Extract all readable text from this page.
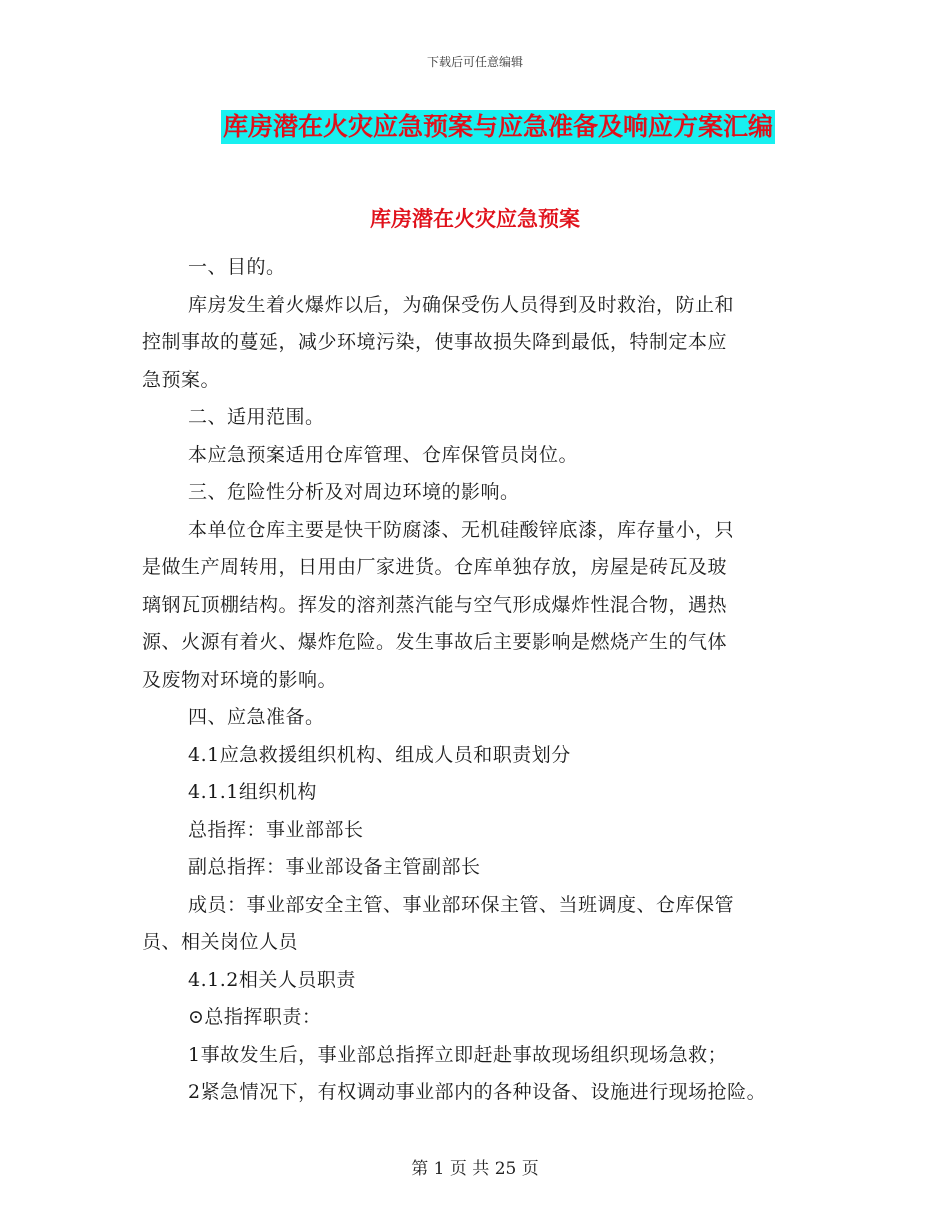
下载后可任意编辑
库房潜在火灾应急预案与应急准备及响应方案汇编
库房潜在火灾应急预案

一、目的。

库房发生着火爆炸以后，为确保受伤人员得到及时救治，防止和
控制事故的蔓延，减少环境污染，使事故损失降到最低，特制定本应
急预案。

二、适用范围。

本应急预案适用仓库管理、仓库保管员岗位。

三、危险性分析及对周边环境的影响。

本单位仓库主要是快干防腐漆、无机硅酸锌底漆，库存量小，只
是做生产周转用，日用由厂家进货。仓库单独存放，房屋是砖瓦及玻
璃钢瓦顶棚结构。挥发的溶剂蒸汽能与空气形成爆炸性混合物，遇热
源、火源有着火、爆炸危险。发生事故后主要影响是燃烧产生的气体
及废物对环境的影响。

四、应急准备。

4.1应急救援组织机构、组成人员和职责划分

4.1.1组织机构

总指挥：事业部部长

副总指挥：事业部设备主管副部长

成员：事业部安全主管、事业部环保主管、当班调度、仓库保管
员、相关岗位人员

4.1.2相关人员职责

⊙总指挥职责：

1事故发生后，事业部总指挥立即赶赴事故现场组织现场急救；

2紧急情况下，有权调动事业部内的各种设备、设施进行现场抢险。

第 1 页 共 25 页
